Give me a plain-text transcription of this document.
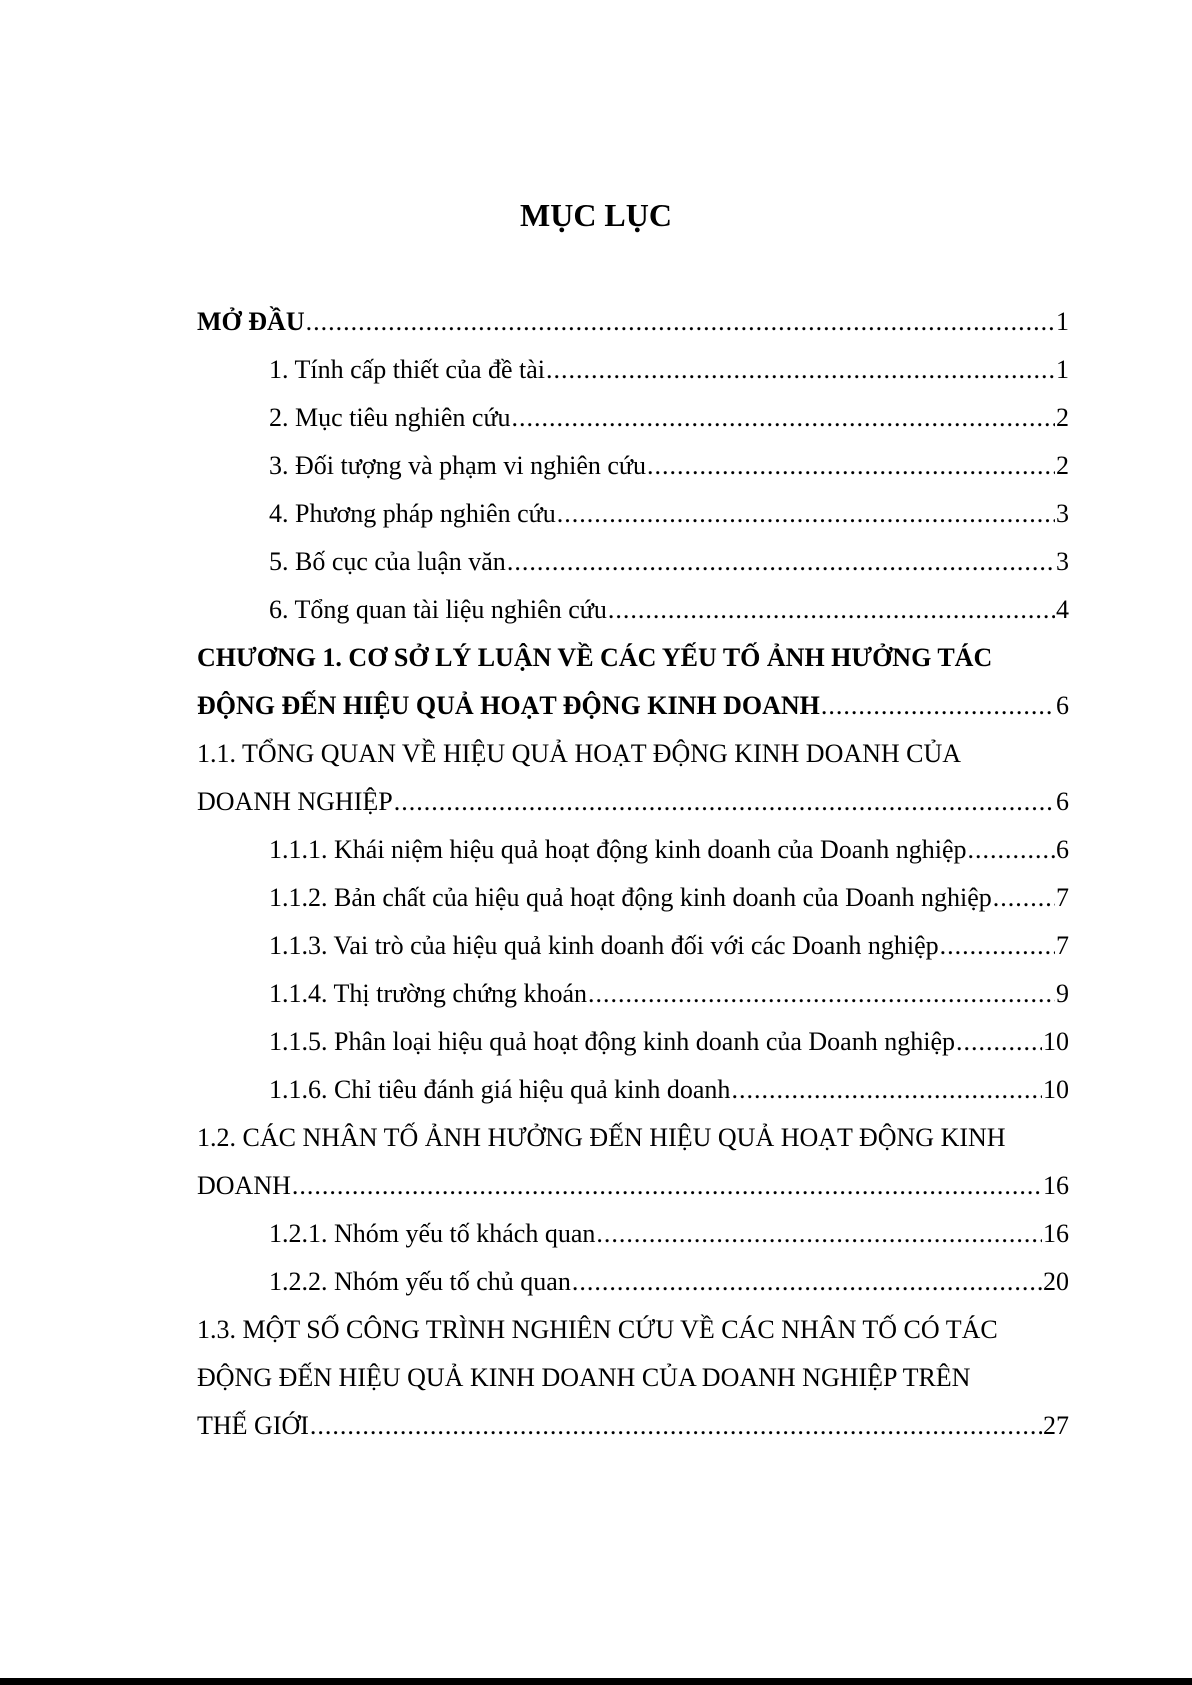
MỤC LỤC
MỞ ĐẦU .....	1
1. Tính cấp thiết của đề tài .....	1
2. Mục tiêu nghiên cứu .....	2
3. Đối tượng và phạm vi nghiên cứu .....	2
4. Phương pháp nghiên cứu .....	3
5. Bố cục của luận văn .....	3
6. Tổng quan tài liệu nghiên cứu .....	4
CHƯƠNG 1. CƠ SỞ LÝ LUẬN VỀ CÁC YẾU TỐ ẢNH HƯỞNG TÁC
ĐỘNG ĐẾN HIỆU QUẢ HOẠT ĐỘNG KINH DOANH .....	6
1.1. TỔNG QUAN VỀ HIỆU QUẢ HOẠT ĐỘNG KINH DOANH CỦA
DOANH NGHIỆP .....	6
1.1.1. Khái niệm hiệu quả hoạt động kinh doanh của Doanh nghiệp .....	6
1.1.2. Bản chất của hiệu quả hoạt động kinh doanh của Doanh nghiệp ..... 7
1.1.3. Vai trò của hiệu quả kinh doanh đối với các Doanh nghiệp .....	7
1.1.4. Thị trường chứng khoán .....	9
1.1.5. Phân loại hiệu quả hoạt động kinh doanh của Doanh nghiệp .....	10
1.1.6. Chỉ tiêu đánh giá hiệu quả kinh doanh .....	10
1.2. CÁC NHÂN TỐ ẢNH HƯỞNG ĐẾN HIỆU QUẢ HOẠT ĐỘNG KINH
DOANH .....	16
1.2.1. Nhóm yếu tố khách quan .....	16
1.2.2. Nhóm yếu tố chủ quan .....	20
1.3. MỘT SỐ CÔNG TRÌNH NGHIÊN CỨU VỀ CÁC NHÂN TỐ CÓ TÁC
ĐỘNG ĐẾN HIỆU QUẢ KINH DOANH CỦA DOANH NGHIỆP TRÊN
THẾ GIỚI .....	27
